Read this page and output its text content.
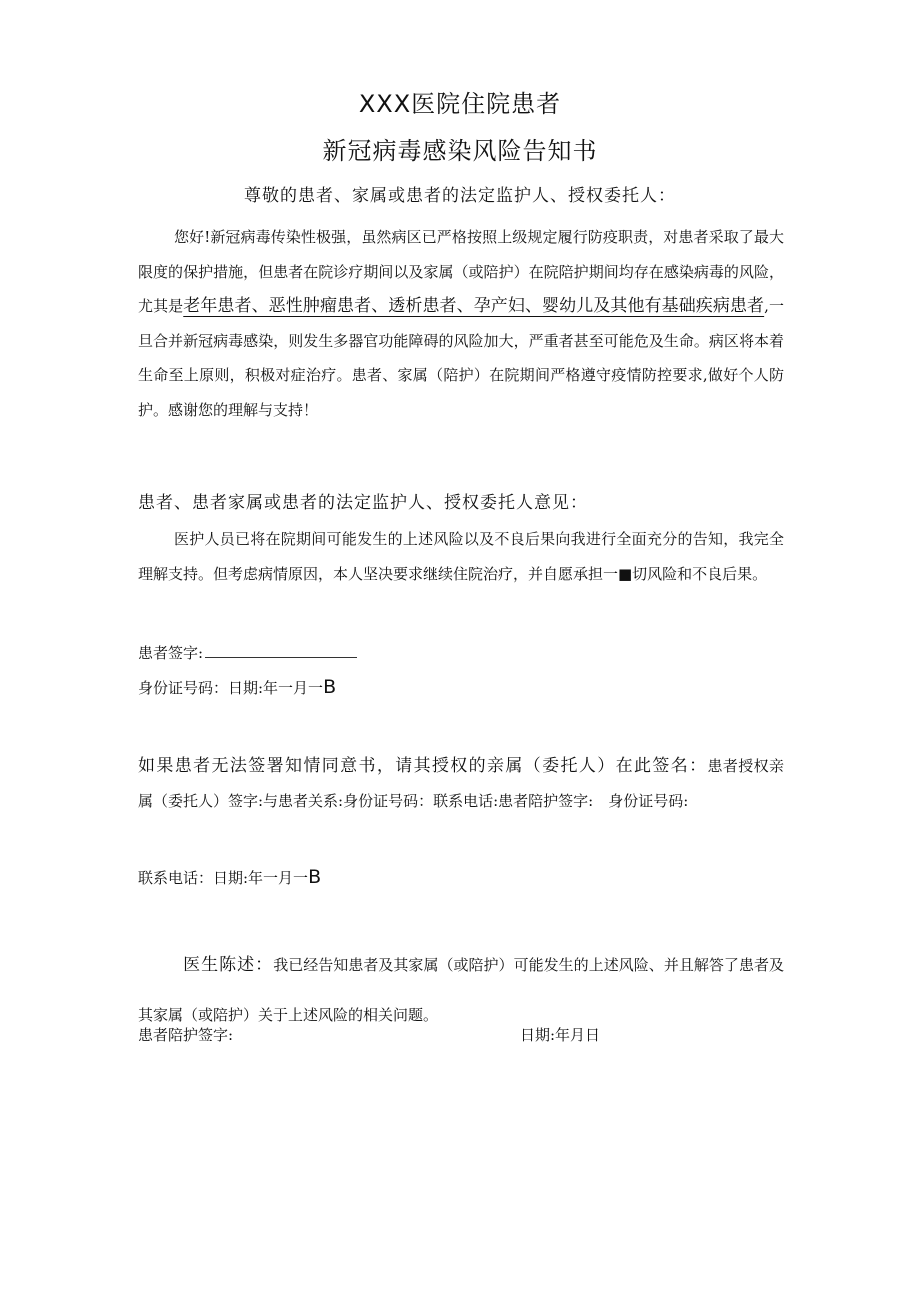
XXX医院住院患者
新冠病毒感染风险告知书
尊敬的患者、家属或患者的法定监护人、授权委托人：
您好!新冠病毒传染性极强，虽然病区已严格按照上级规定履行防疫职责，对患者采取了最大限度的保护措施，但患者在院诊疗期间以及家属（或陪护）在院陪护期间均存在感染病毒的风险，尤其是老年患者、恶性肿瘤患者、透析患者、孕产妇、婴幼儿及其他有基础疾病患者,一旦合并新冠病毒感染，则发生多器官功能障碍的风险加大，严重者甚至可能危及生命。病区将本着生命至上原则，积极对症治疗。患者、家属（陪护）在院期间严格遵守疫情防控要求,做好个人防护。感谢您的理解与支持！
患者、患者家属或患者的法定监护人、授权委托人意见：
医护人员已将在院期间可能发生的上述风险以及不良后果向我进行全面充分的告知，我完全理解支持。但考虑病情原因，本人坚决要求继续住院治疗，并自愿承担一■切风险和不良后果。
患者签字:
身份证号码：日期:年一月一B
如果患者无法签署知情同意书，请其授权的亲属（委托人）在此签名：患者授权亲属（委托人）签字:与患者关系:身份证号码：联系电话:患者陪护签字:　身份证号码:
联系电话：日期:年一月一B
　　　医生陈述：我已经告知患者及其家属（或陪护）可能发生的上述风险、并且解答了患者及其家属（或陪护）关于上述风险的相关问题。
患者陪护签字:	日期:年月日
